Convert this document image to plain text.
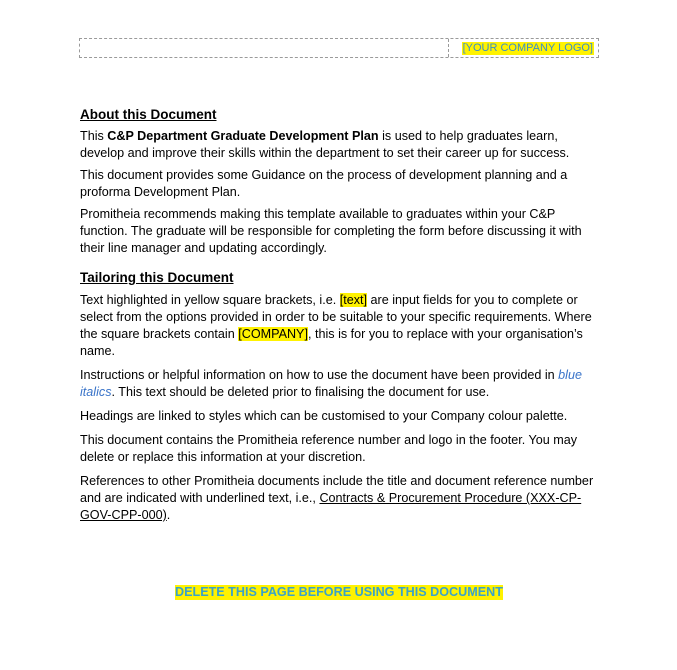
[YOUR COMPANY LOGO]
About this Document

This C&P Department Graduate Development Plan is used to help graduates learn, develop and improve their skills within the department to set their career up for success.

This document provides some Guidance on the process of development planning and a proforma Development Plan.

Promitheia recommends making this template available to graduates within your C&P function. The graduate will be responsible for completing the form before discussing it with their line manager and updating accordingly.

Tailoring this Document

Text highlighted in yellow square brackets, i.e. [text] are input fields for you to complete or select from the options provided in order to be suitable to your specific requirements. Where the square brackets contain [COMPANY], this is for you to replace with your organisation’s name.

Instructions or helpful information on how to use the document have been provided in blue italics. This text should be deleted prior to finalising the document for use.

Headings are linked to styles which can be customised to your Company colour palette.

This document contains the Promitheia reference number and logo in the footer. You may delete or replace this information at your discretion.

References to other Promitheia documents include the title and document reference number and are indicated with underlined text, i.e., Contracts & Procurement Procedure (XXX-CP-GOV-CPP-000).

DELETE THIS PAGE BEFORE USING THIS DOCUMENT
